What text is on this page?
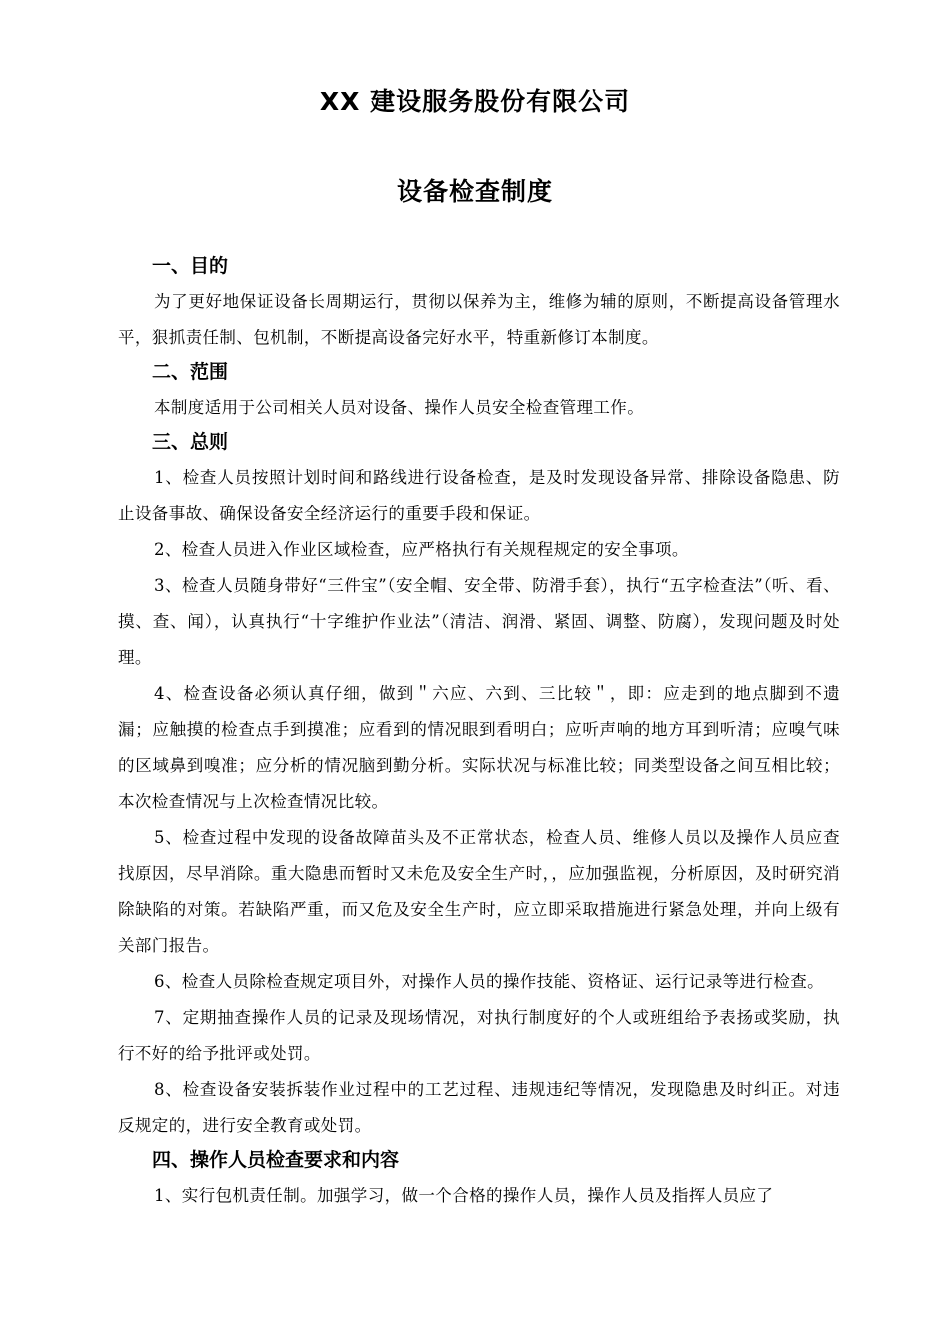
XX 建设服务股份有限公司
设备检查制度

一、目的

为了更好地保证设备长周期运行，贯彻以保养为主，维修为辅的原则，不断提高设备管理水平，狠抓责任制、包机制，不断提高设备完好水平，特重新修订本制度。

二、范围

本制度适用于公司相关人员对设备、操作人员安全检查管理工作。

三、总则

1、检查人员按照计划时间和路线进行设备检查，是及时发现设备异常、排除设备隐患、防止设备事故、确保设备安全经济运行的重要手段和保证。

2、检查人员进入作业区域检查，应严格执行有关规程规定的安全事项。

3、检查人员随身带好“三件宝”（安全帽、安全带、防滑手套），执行“五字检查法”（听、看、摸、查、闻），认真执行“十字维护作业法”（清洁、润滑、紧固、调整、防腐），发现问题及时处理。

4、检查设备必须认真仔细，做到＂六应、六到、三比较＂，即：应走到的地点脚到不遗漏；应触摸的检查点手到摸准；应看到的情况眼到看明白；应听声响的地方耳到听清；应嗅气味的区域鼻到嗅准；应分析的情况脑到勤分析。实际状况与标准比较；同类型设备之间互相比较；本次检查情况与上次检查情况比较。

5、检查过程中发现的设备故障苗头及不正常状态，检查人员、维修人员以及操作人员应查找原因，尽早消除。重大隐患而暂时又未危及安全生产时，，应加强监视，分析原因，及时研究消除缺陷的对策。若缺陷严重，而又危及安全生产时，应立即采取措施进行紧急处理，并向上级有关部门报告。

6、检查人员除检查规定项目外，对操作人员的操作技能、资格证、运行记录等进行检查。

7、定期抽查操作人员的记录及现场情况，对执行制度好的个人或班组给予表扬或奖励，执行不好的给予批评或处罚。

8、检查设备安装拆装作业过程中的工艺过程、违规违纪等情况，发现隐患及时纠正。对违反规定的，进行安全教育或处罚。

四、操作人员检查要求和内容

1、实行包机责任制。加强学习，做一个合格的操作人员，操作人员及指挥人员应了
